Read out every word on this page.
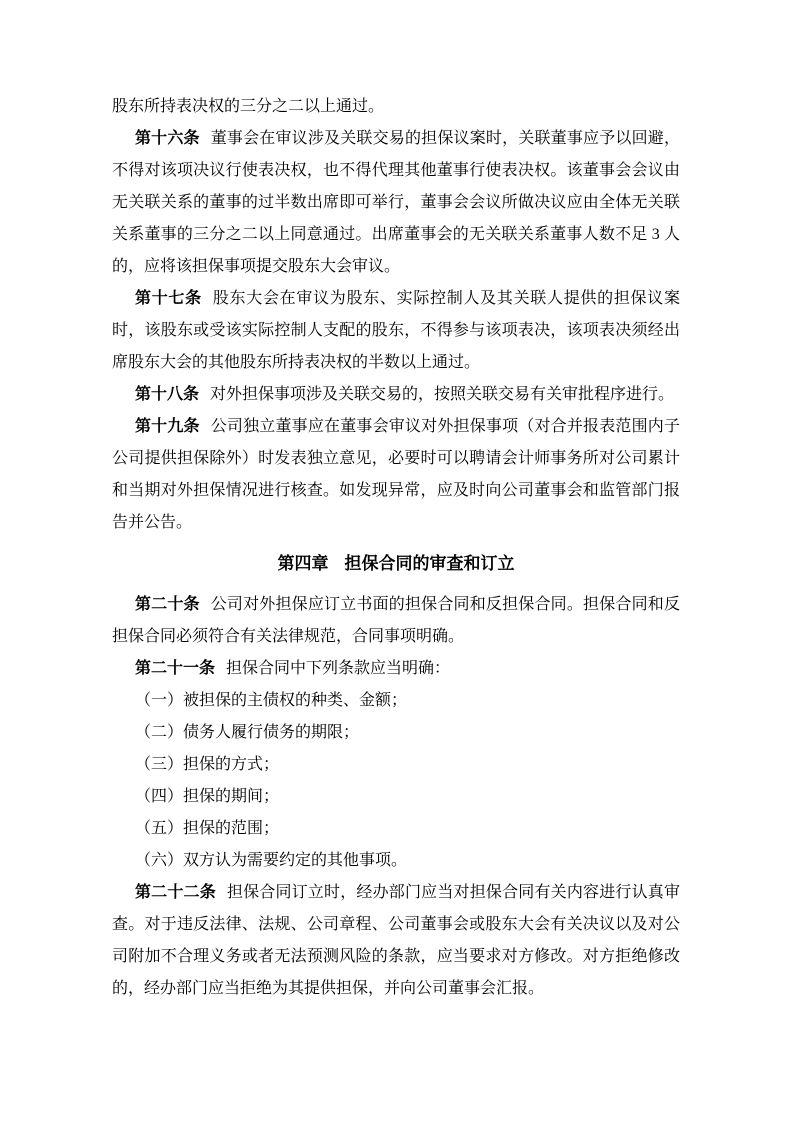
股东所持表决权的三分之二以上通过。

第十六条 董事会在审议涉及关联交易的担保议案时，关联董事应予以回避，不得对该项决议行使表决权，也不得代理其他董事行使表决权。该董事会会议由无关联关系的董事的过半数出席即可举行，董事会会议所做决议应由全体无关联关系董事的三分之二以上同意通过。出席董事会的无关联关系董事人数不足 3 人的，应将该担保事项提交股东大会审议。

第十七条 股东大会在审议为股东、实际控制人及其关联人提供的担保议案时，该股东或受该实际控制人支配的股东，不得参与该项表决，该项表决须经出席股东大会的其他股东所持表决权的半数以上通过。

第十八条 对外担保事项涉及关联交易的，按照关联交易有关审批程序进行。

第十九条 公司独立董事应在董事会审议对外担保事项（对合并报表范围内子公司提供担保除外）时发表独立意见，必要时可以聘请会计师事务所对公司累计和当期对外担保情况进行核查。如发现异常，应及时向公司董事会和监管部门报告并公告。

第四章 担保合同的审查和订立

第二十条 公司对外担保应订立书面的担保合同和反担保合同。担保合同和反担保合同必须符合有关法律规范，合同事项明确。

第二十一条 担保合同中下列条款应当明确：

（一）被担保的主债权的种类、金额；

（二）债务人履行债务的期限；

（三）担保的方式；

（四）担保的期间；

（五）担保的范围；

（六）双方认为需要约定的其他事项。

第二十二条 担保合同订立时，经办部门应当对担保合同有关内容进行认真审查。对于违反法律、法规、公司章程、公司董事会或股东大会有关决议以及对公司附加不合理义务或者无法预测风险的条款，应当要求对方修改。对方拒绝修改的，经办部门应当拒绝为其提供担保，并向公司董事会汇报。
